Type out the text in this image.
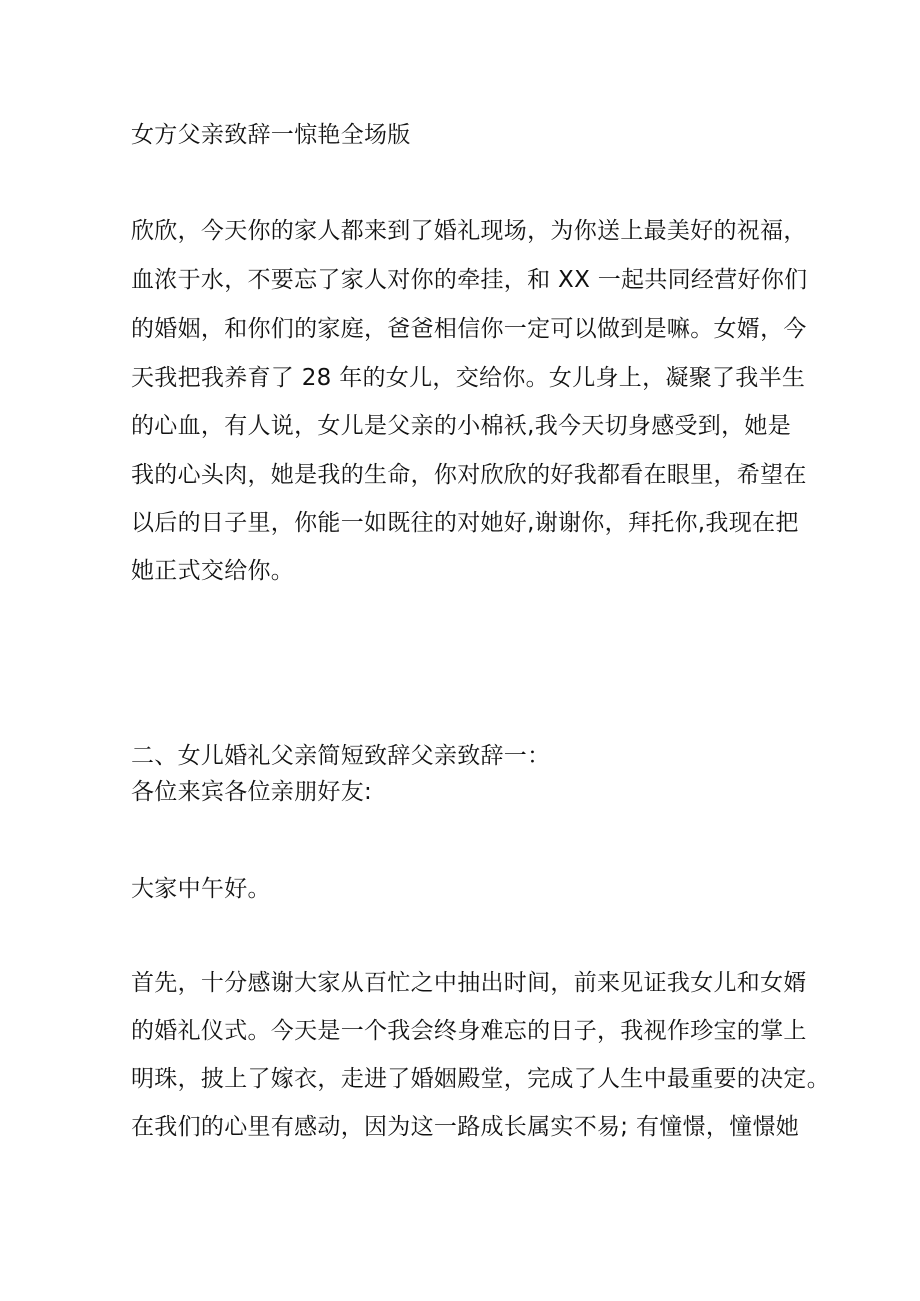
女方父亲致辞一惊艳全场版
欣欣，今天你的家人都来到了婚礼现场，为你送上最美好的祝福，
血浓于水，不要忘了家人对你的牵挂，和 XX 一起共同经营好你们
的婚姻，和你们的家庭，爸爸相信你一定可以做到是嘛。女婿，今
天我把我养育了 28 年的女儿，交给你。女儿身上，凝聚了我半生
的心血，有人说，女儿是父亲的小棉袄,我今天切身感受到，她是
我的心头肉，她是我的生命，你对欣欣的好我都看在眼里，希望在
以后的日子里，你能一如既往的对她好,谢谢你，拜托你,我现在把
她正式交给你。
二、女儿婚礼父亲简短致辞父亲致辞一：
各位来宾各位亲朋好友:
大家中午好。
首先，十分感谢大家从百忙之中抽出时间，前来见证我女儿和女婿
的婚礼仪式。今天是一个我会终身难忘的日子，我视作珍宝的掌上
明珠，披上了嫁衣，走进了婚姻殿堂，完成了人生中最重要的决定。
在我们的心里有感动，因为这一路成长属实不易; 有憧憬，憧憬她
